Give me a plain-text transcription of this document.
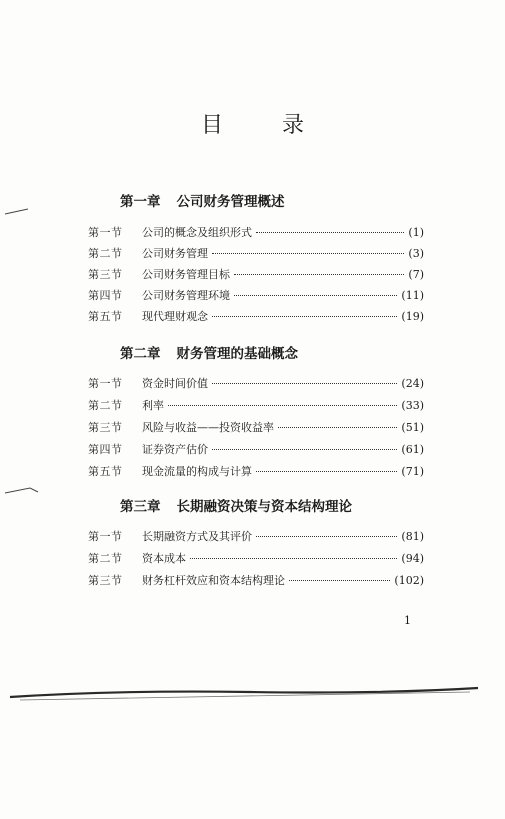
目 录
第一章 公司财务管理概述
第一节	公司的概念及组织形式	(1)
第二节	公司财务管理	(3)
第三节	公司财务管理目标	(7)
第四节	公司财务管理环境	(11)
第五节	现代理财观念	(19)
第二章 财务管理的基础概念
第一节	资金时间价值	(24)
第二节	利率	(33)
第三节	风险与收益——投资收益率	(51)
第四节	证券资产估价	(61)
第五节	现金流量的构成与计算	(71)
第三章 长期融资决策与资本结构理论
第一节	长期融资方式及其评价	(81)
第二节	资本成本	(94)
第三节	财务杠杆效应和资本结构理论	(102)
1
